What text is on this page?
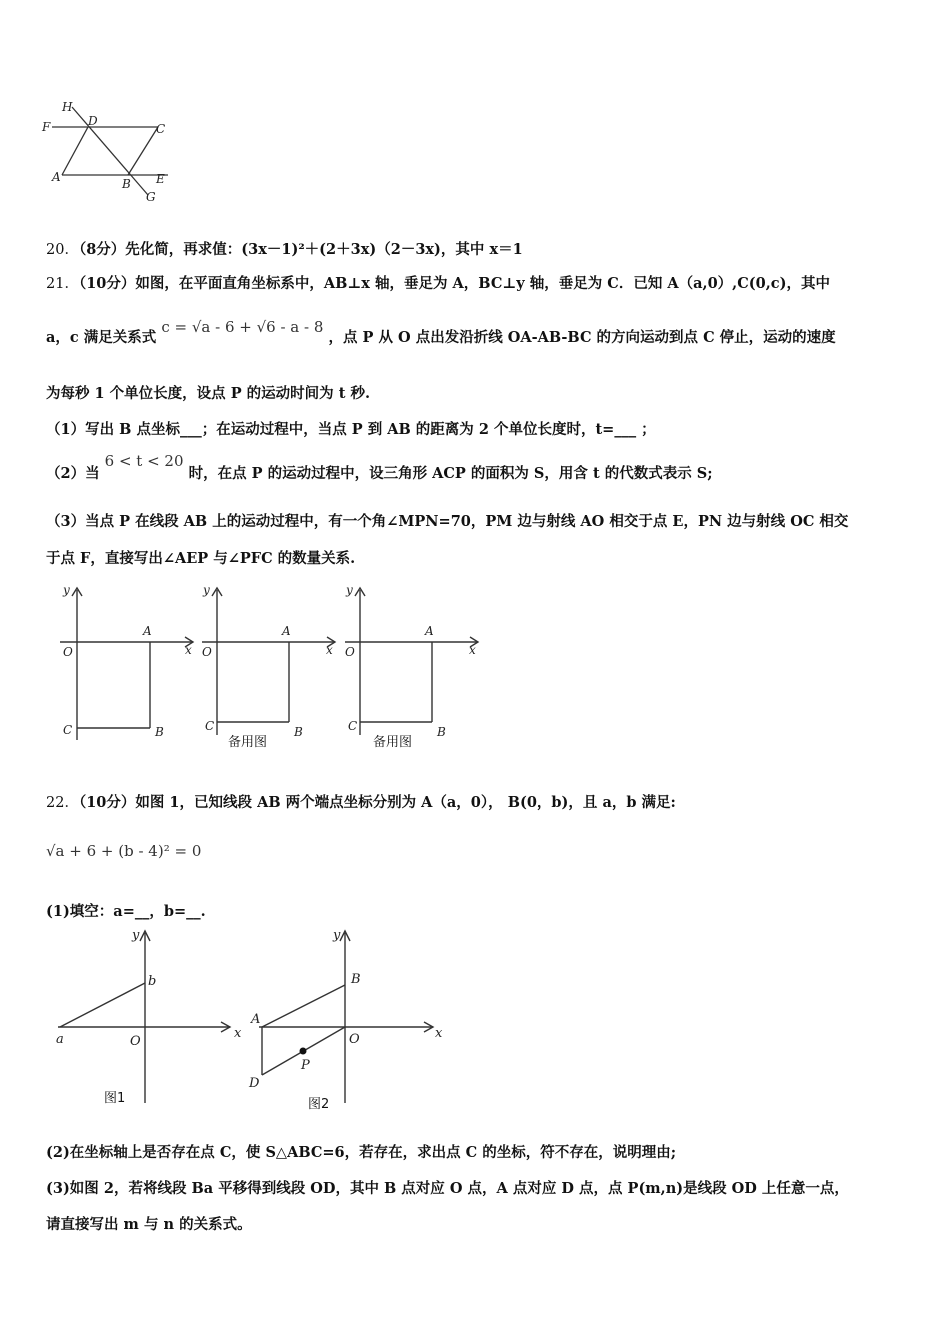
H
F	D
C
A	B E
G
20．（8分）先化简，再求值：(3x－1)²＋(2＋3x)（2－3x)，其中 x＝1
21．（10分）如图，在平面直角坐标系中，AB⊥x 轴，垂足为 A，BC⊥y 轴，垂足为 C．已知 A（a,0）,C(0,c)，其中
a，c 满足关系式 c = √a - 6 + √6 - a - 8 ，点 P 从 O 点出发沿折线 OA-AB-BC 的方向运动到点 C 停止，运动的速度
为每秒 1 个单位长度，设点 P 的运动时间为 t 秒.
（1）写出 B 点坐标___；在运动过程中，当点 P 到 AB 的距离为 2 个单位长度时，t=___ ；
（2）当 6 < t < 20 时，在点 P 的运动过程中，设三角形 ACP 的面积为 S，用含 t 的代数式表示 S;
（3）当点 P 在线段 AB 上的运动过程中，有一个角∠MPN=70，PM 边与射线 AO 相交于点 E，PN 边与射线 OC 相交
于点 F，直接写出∠AEP 与∠PFC 的数量关系.
y
O
A
x
C	B
y
O
A
x
C	B
备用图
y
O
A
x
C	B
备用图
22．（10分）如图 1，已知线段 AB 两个端点坐标分别为 A（a，0）， B(0，b)，且 a，b 满足:
√a + 6 + (b - 4)² = 0
(1)填空：a=__，b=__.
y
b
a	O
x
图1
y
B
A
O	x
P
D
图2
(2)在坐标轴上是否存在点 C，使 S△ABC=6，若存在，求出点 C 的坐标，符不存在，说明理由;
(3)如图 2，若将线段 Ba 平移得到线段 OD，其中 B 点对应 O 点，A 点对应 D 点，点 P(m,n)是线段 OD 上任意一点，
请直接写出 m 与 n 的关系式。
